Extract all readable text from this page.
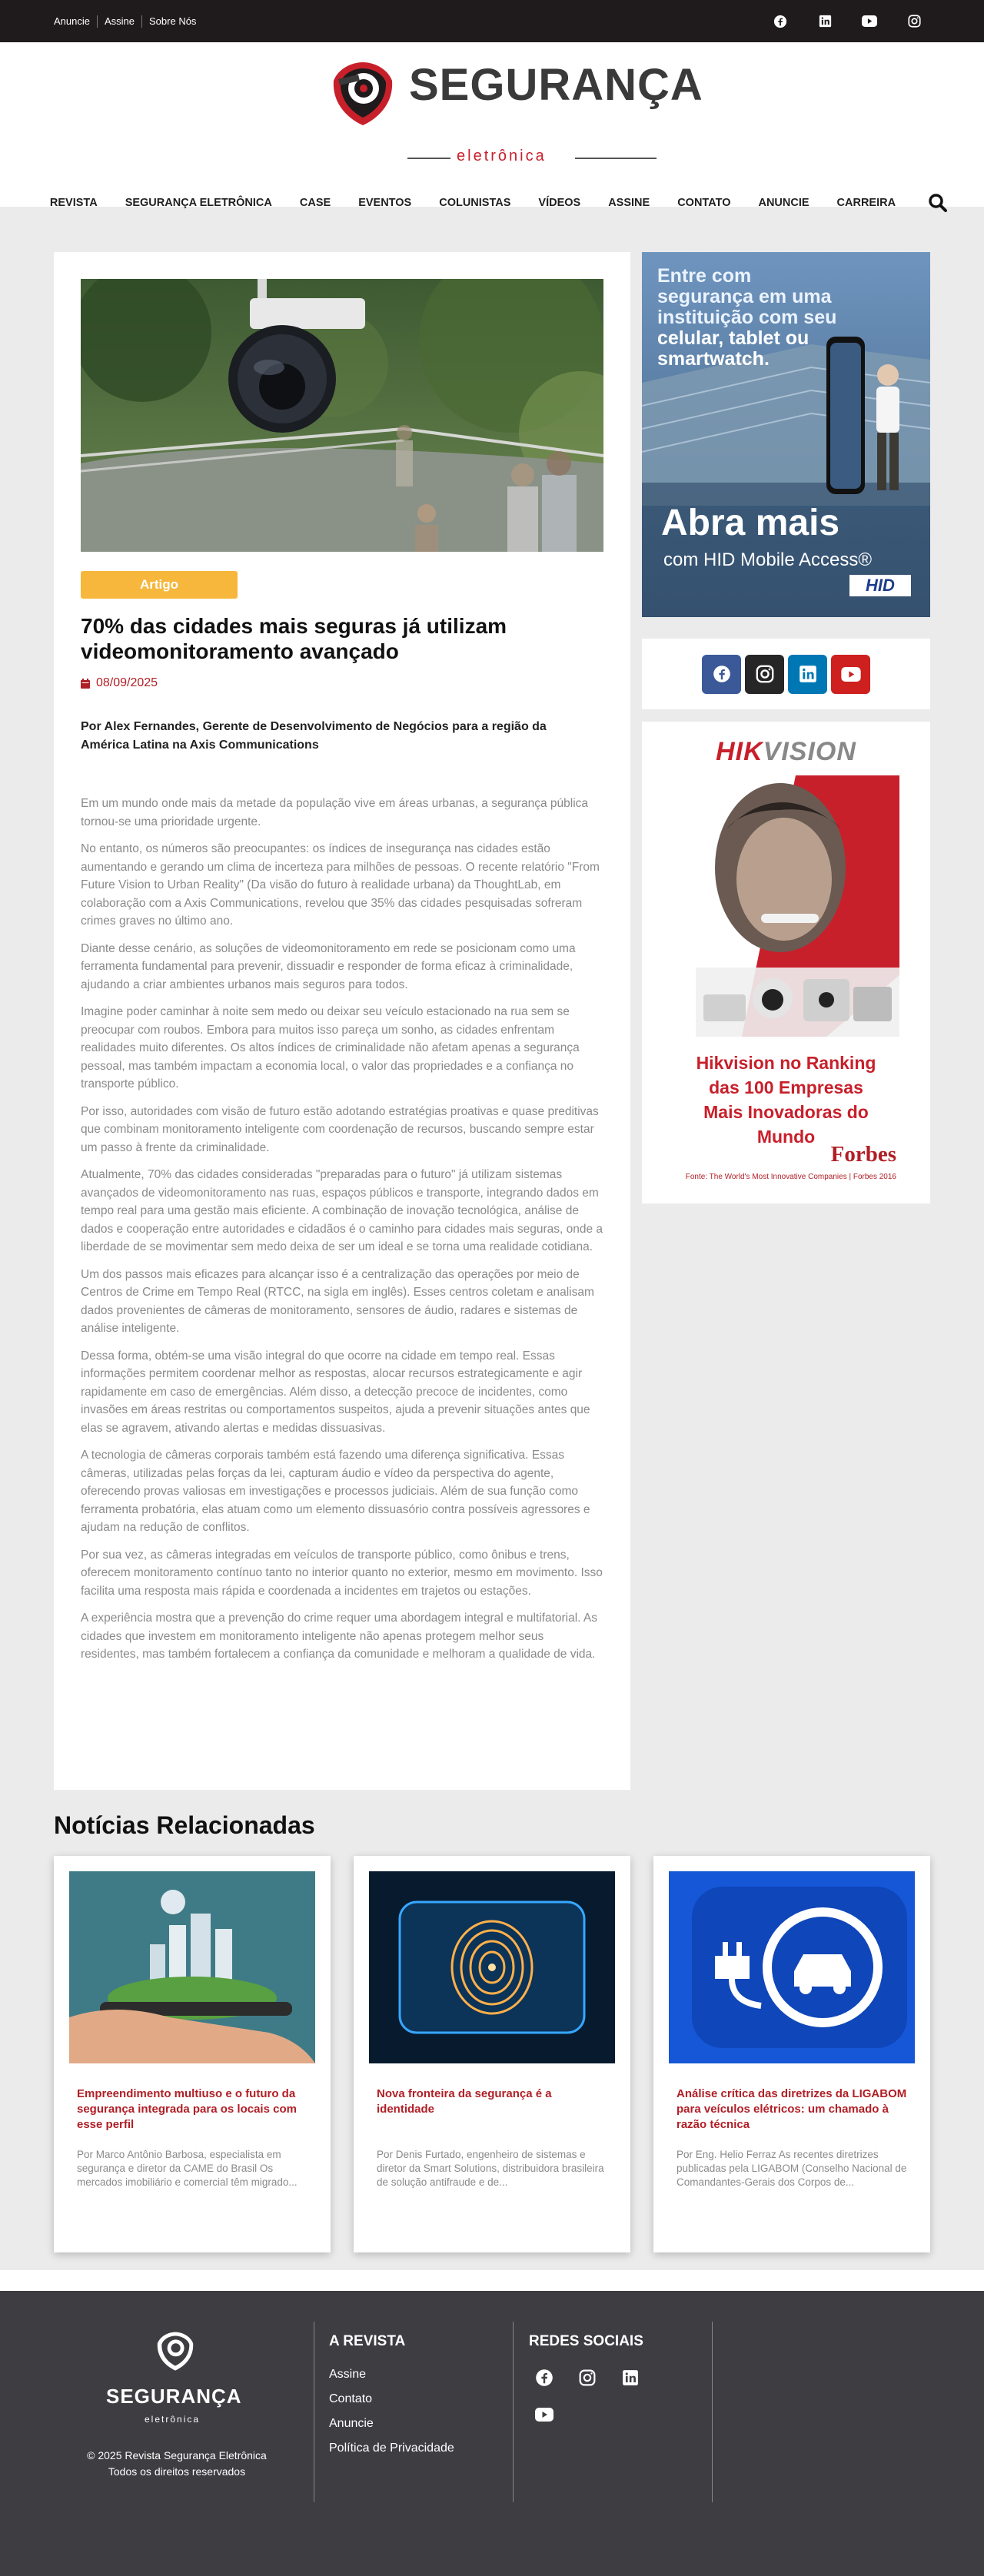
Anuncie	Assine	Sobre Nós
SEGURANÇA
eletrônica
REVISTA	SEGURANÇA ELETRÔNICA	CASE	EVENTOS	COLUNISTAS	VÍDEOS	ASSINE	CONTATO	ANUNCIE	CARREIRA
Artigo
70% das cidades mais seguras já utilizam videomonitoramento avançado
08/09/2025

Por Alex Fernandes, Gerente de Desenvolvimento de Negócios para a região da América Latina na Axis Communications

Em um mundo onde mais da metade da população vive em áreas urbanas, a segurança pública tornou-se uma prioridade urgente.

No entanto, os números são preocupantes: os índices de insegurança nas cidades estão aumentando e gerando um clima de incerteza para milhões de pessoas. O recente relatório "From Future Vision to Urban Reality" (Da visão do futuro à realidade urbana) da ThoughtLab, em colaboração com a Axis Communications, revelou que 35% das cidades pesquisadas sofreram crimes graves no último ano.

Diante desse cenário, as soluções de videomonitoramento em rede se posicionam como uma ferramenta fundamental para prevenir, dissuadir e responder de forma eficaz à criminalidade, ajudando a criar ambientes urbanos mais seguros para todos.

Imagine poder caminhar à noite sem medo ou deixar seu veículo estacionado na rua sem se preocupar com roubos. Embora para muitos isso pareça um sonho, as cidades enfrentam realidades muito diferentes. Os altos índices de criminalidade não afetam apenas a segurança pessoal, mas também impactam a economia local, o valor das propriedades e a confiança no transporte público.

Por isso, autoridades com visão de futuro estão adotando estratégias proativas e quase preditivas que combinam monitoramento inteligente com coordenação de recursos, buscando sempre estar um passo à frente da criminalidade.

Atualmente, 70% das cidades consideradas "preparadas para o futuro" já utilizam sistemas avançados de videomonitoramento nas ruas, espaços públicos e transporte, integrando dados em tempo real para uma gestão mais eficiente. A combinação de inovação tecnológica, análise de dados e cooperação entre autoridades e cidadãos é o caminho para cidades mais seguras, onde a liberdade de se movimentar sem medo deixa de ser um ideal e se torna uma realidade cotidiana.

Um dos passos mais eficazes para alcançar isso é a centralização das operações por meio de Centros de Crime em Tempo Real (RTCC, na sigla em inglês). Esses centros coletam e analisam dados provenientes de câmeras de monitoramento, sensores de áudio, radares e sistemas de análise inteligente.

Dessa forma, obtém-se uma visão integral do que ocorre na cidade em tempo real. Essas informações permitem coordenar melhor as respostas, alocar recursos estrategicamente e agir rapidamente em caso de emergências. Além disso, a detecção precoce de incidentes, como invasões em áreas restritas ou comportamentos suspeitos, ajuda a prevenir situações antes que elas se agravem, ativando alertas e medidas dissuasivas.

A tecnologia de câmeras corporais também está fazendo uma diferença significativa. Essas câmeras, utilizadas pelas forças da lei, capturam áudio e vídeo da perspectiva do agente, oferecendo provas valiosas em investigações e processos judiciais. Além de sua função como ferramenta probatória, elas atuam como um elemento dissuasório contra possíveis agressores e ajudam na redução de conflitos.

Por sua vez, as câmeras integradas em veículos de transporte público, como ônibus e trens, oferecem monitoramento contínuo tanto no interior quanto no exterior, mesmo em movimento. Isso facilita uma resposta mais rápida e coordenada a incidentes em trajetos ou estações.

A experiência mostra que a prevenção do crime requer uma abordagem integral e multifatorial. As cidades que investem em monitoramento inteligente não apenas protegem melhor seus residentes, mas também fortalecem a confiança da comunidade e melhoram a qualidade de vida.

Entre com segurança em uma instituição com seu celular, tablet ou smartwatch.
Abra mais
com HID Mobile Access®
HID
HIKVISION
Hikvision no Ranking das 100 Empresas Mais Inovadoras do Mundo
Forbes
Fonte: The World's Most Innovative Companies | Forbes 2016
Notícias Relacionadas
Empreendimento multiuso e o futuro da segurança integrada para os locais com esse perfil
Por Marco Antônio Barbosa, especialista em segurança e diretor da CAME do Brasil Os mercados imobiliário e comercial têm migrado...
Nova fronteira da segurança é a identidade
Por Denis Furtado, engenheiro de sistemas e diretor da Smart Solutions, distribuidora brasileira de solução antifraude e de...
Análise crítica das diretrizes da LIGABOM para veículos elétricos: um chamado à razão técnica
Por Eng. Helio Ferraz As recentes diretrizes publicadas pela LIGABOM (Conselho Nacional de Comandantes-Gerais dos Corpos de...
SEGURANÇA
eletrônica
© 2025 Revista Segurança Eletrônica
Todos os direitos reservados
A REVISTA
Assine
Contato
Anuncie
Política de Privacidade
REDES SOCIAIS
